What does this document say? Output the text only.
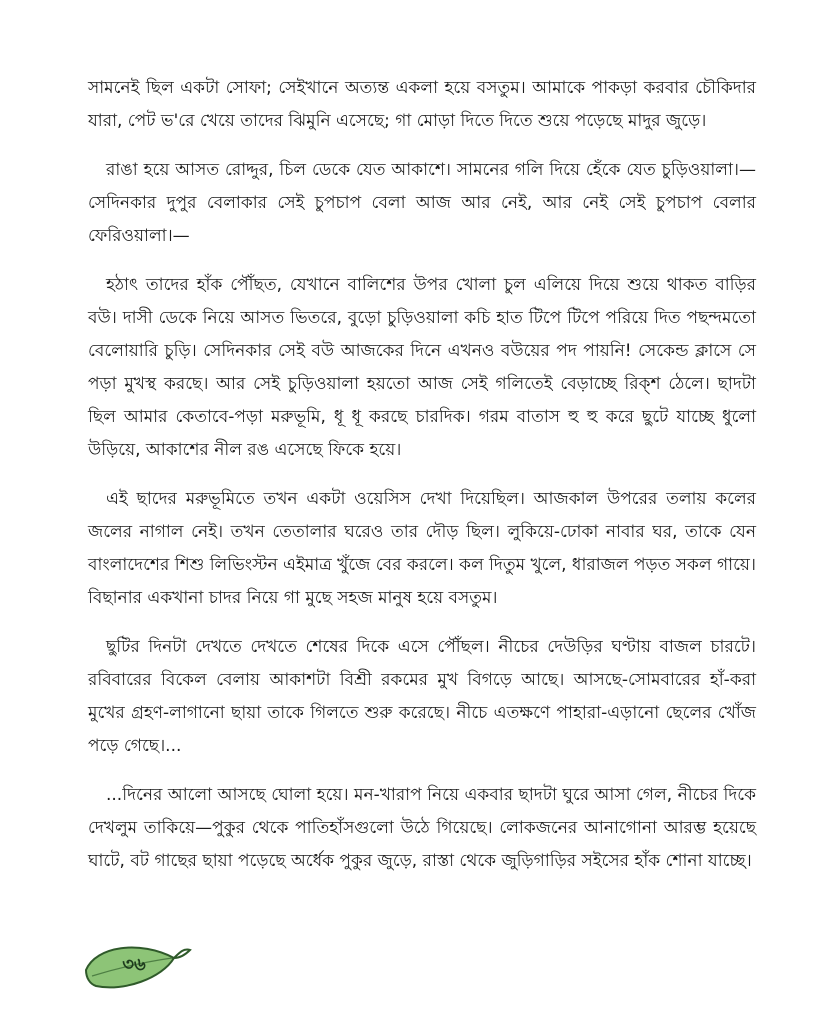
সামনেই ছিল একটা সোফা; সেইখানে অত্যন্ত একলা হয়ে বসতুম। আমাকে পাকড়া করবার চৌকিদার যারা, পেট ভ'রে খেয়ে তাদের ঝিমুনি এসেছে; গা মোড়া দিতে দিতে শুয়ে পড়েছে মাদুর জুড়ে।

রাঙা হয়ে আসত রোদ্দুর, চিল ডেকে যেত আকাশে। সামনের গলি দিয়ে হেঁকে যেত চুড়িওয়ালা।—সেদিনকার দুপুর বেলাকার সেই চুপচাপ বেলা আজ আর নেই, আর নেই সেই চুপচাপ বেলার ফেরিওয়ালা।—

হঠাৎ তাদের হাঁক পৌঁছত, যেখানে বালিশের উপর খোলা চুল এলিয়ে দিয়ে শুয়ে থাকত বাড়ির বউ। দাসী ডেকে নিয়ে আসত ভিতরে, বুড়ো চুড়িওয়ালা কচি হাত টিপে টিপে পরিয়ে দিত পছন্দমতো বেলোয়ারি চুড়ি। সেদিনকার সেই বউ আজকের দিনে এখনও বউয়ের পদ পায়নি! সেকেন্ড ক্লাসে সে পড়া মুখস্থ করছে। আর সেই চুড়িওয়ালা হয়তো আজ সেই গলিতেই বেড়াচ্ছে রিক্‌শ ঠেলে। ছাদটা ছিল আমার কেতাবে-পড়া মরুভূমি, ধূ ধূ করছে চারদিক। গরম বাতাস হু হু করে ছুটে যাচ্ছে ধুলো উড়িয়ে, আকাশের নীল রঙ এসেছে ফিকে হয়ে।

এই ছাদের মরুভূমিতে তখন একটা ওয়েসিস দেখা দিয়েছিল। আজকাল উপরের তলায় কলের জলের নাগাল নেই। তখন তেতালার ঘরেও তার দৌড় ছিল। লুকিয়ে-ঢোকা নাবার ঘর, তাকে যেন বাংলাদেশের শিশু লিভিংস্টন এইমাত্র খুঁজে বের করলে। কল দিতুম খুলে, ধারাজল পড়ত সকল গায়ে। বিছানার একখানা চাদর নিয়ে গা মুছে সহজ মানুষ হয়ে বসতুম।

ছুটির দিনটা দেখতে দেখতে শেষের দিকে এসে পৌঁছল। নীচের দেউড়ির ঘণ্টায় বাজল চারটে। রবিবারের বিকেল বেলায় আকাশটা বিশ্রী রকমের মুখ বিগড়ে আছে। আসছে-সোমবারের হাঁ-করা মুখের গ্রহণ-লাগানো ছায়া তাকে গিলতে শুরু করেছে। নীচে এতক্ষণে পাহারা-এড়ানো ছেলের খোঁজ পড়ে গেছে।...

...দিনের আলো আসছে ঘোলা হয়ে। মন-খারাপ নিয়ে একবার ছাদটা ঘুরে আসা গেল, নীচের দিকে দেখলুম তাকিয়ে—পুকুর থেকে পাতিহাঁসগুলো উঠে গিয়েছে। লোকজনের আনাগোনা আরম্ভ হয়েছে ঘাটে, বট গাছের ছায়া পড়েছে অর্ধেক পুকুর জুড়ে, রাস্তা থেকে জুড়িগাড়ির সইসের হাঁক শোনা যাচ্ছে।

৩৬
